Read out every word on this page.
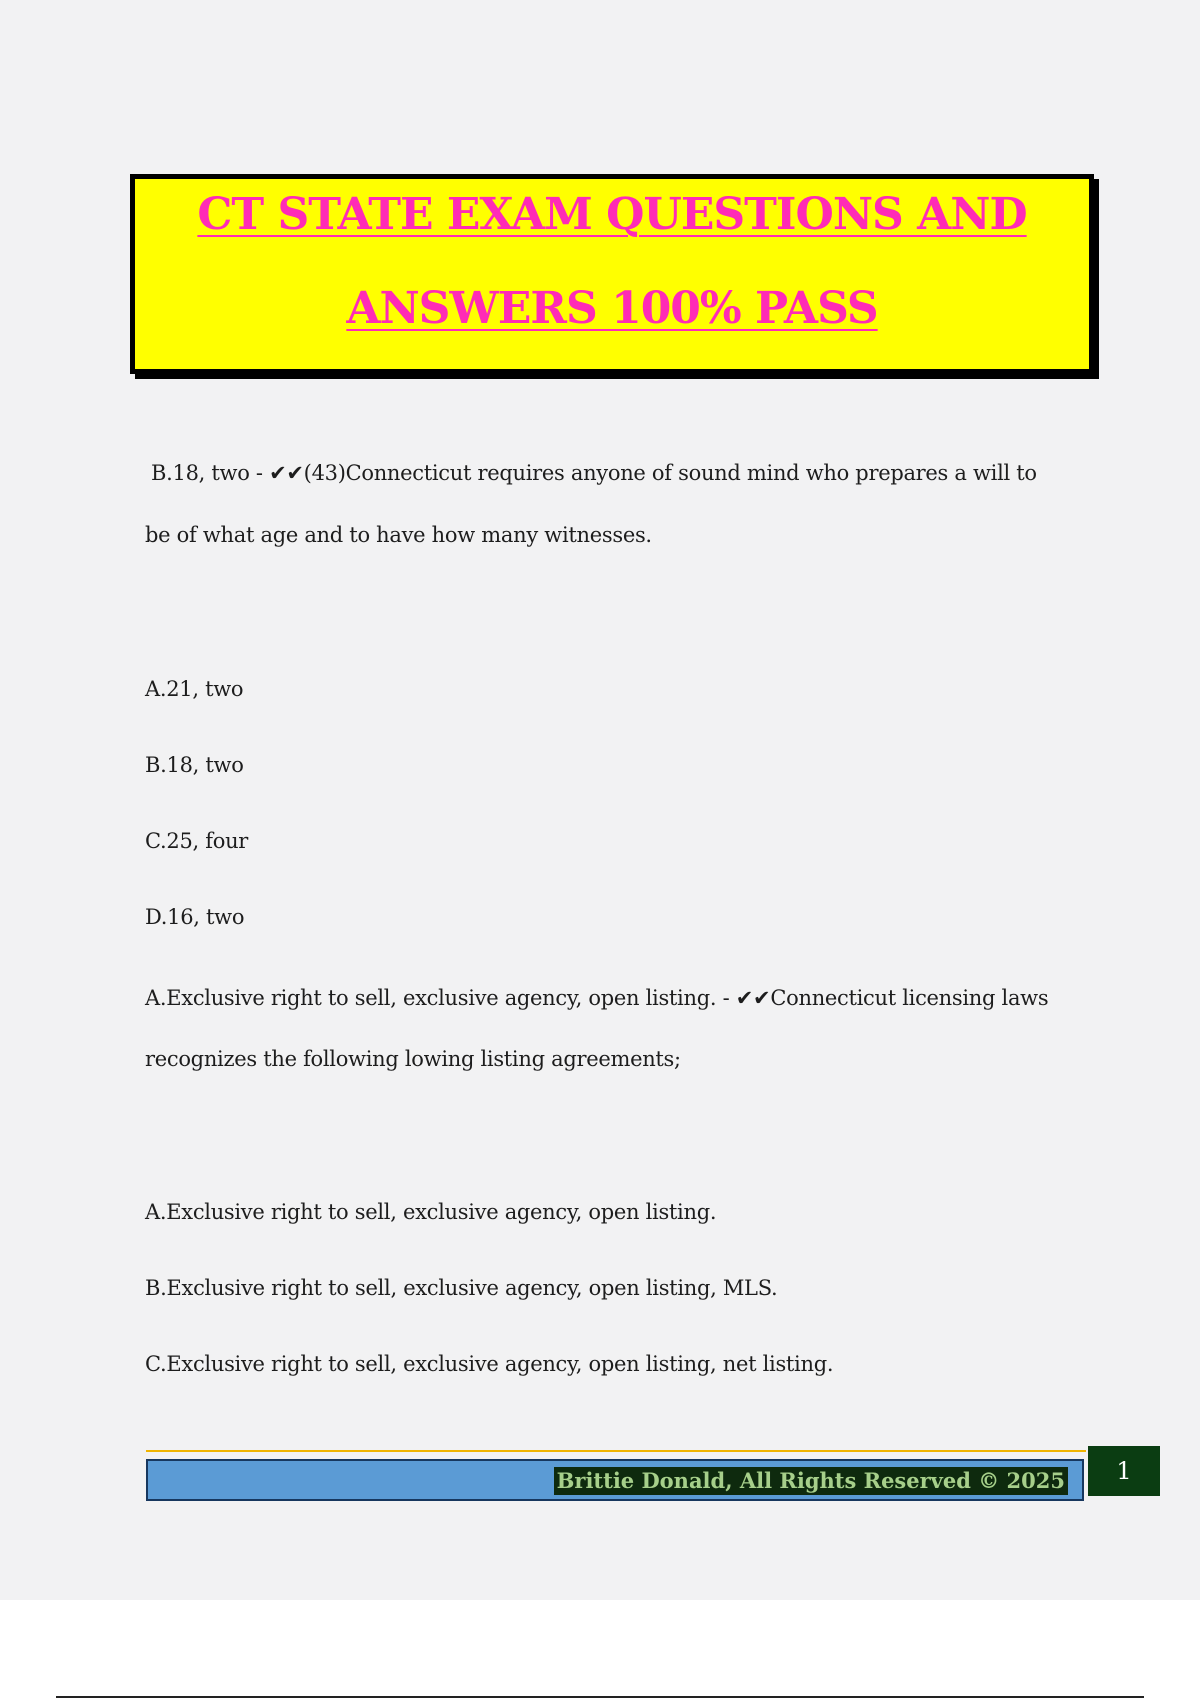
CT STATE EXAM QUESTIONS AND
ANSWERS 100% PASS
B.18, two - ✔✔(43)Connecticut requires anyone of sound mind who prepares a will to
be of what age and to have how many witnesses.
A.21, two
B.18, two
C.25, four
D.16, two
A.Exclusive right to sell, exclusive agency, open listing. - ✔✔Connecticut licensing laws
recognizes the following lowing listing agreements;
A.Exclusive right to sell, exclusive agency, open listing.
B.Exclusive right to sell, exclusive agency, open listing, MLS.
C.Exclusive right to sell, exclusive agency, open listing, net listing.
Brittie Donald, All Rights Reserved © 2025	1
